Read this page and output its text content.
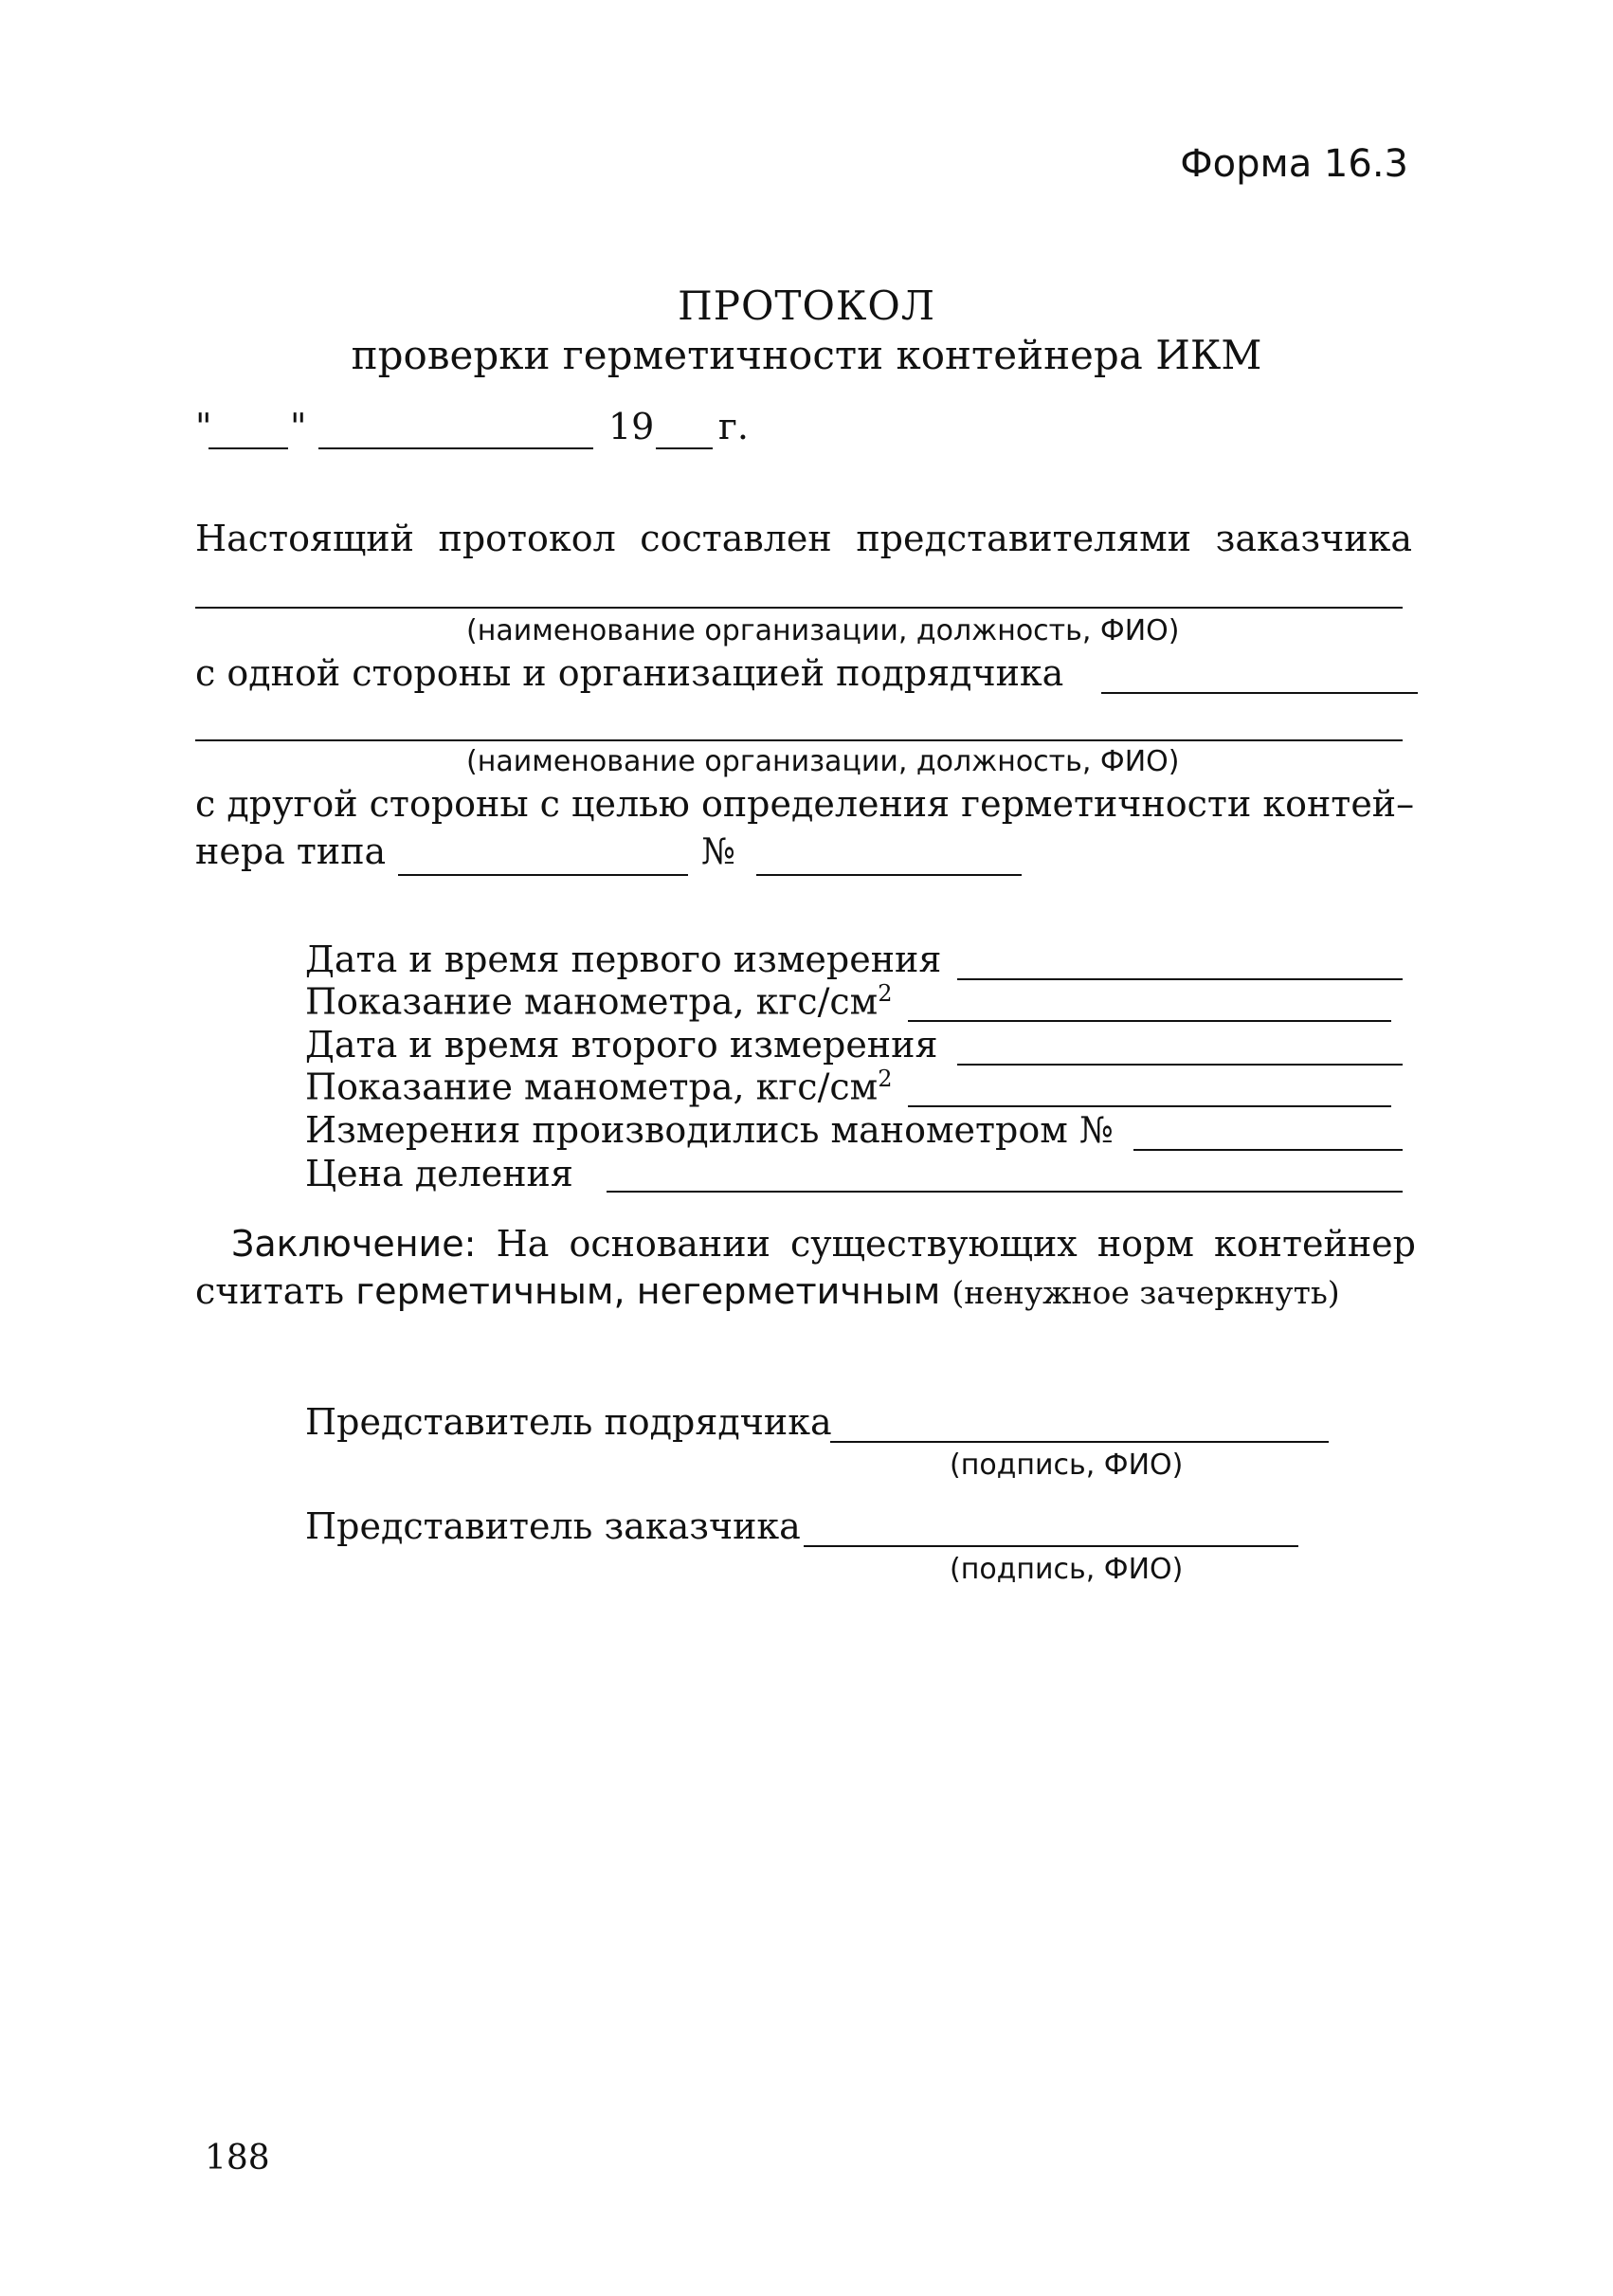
Форма 16.3
ПРОТОКОЛ
проверки герметичности контейнера ИКМ
" "	19 г.
Настоящий протокол составлен представителями заказчика
(наименование организации, должность, ФИО)
с одной стороны и организацией подрядчика
(наименование организации, должность, ФИО)
с другой стороны с целью определения герметичности контей–
нера типа	№
Дата и время первого измерения
Показание манометра, кгс/$см^2$
Дата и время второго измерения
Показание манометра, кгс/$см^2$
Измерения производились манометром №
Цена деления
Заключение: На основании существующих норм контейнер
считать герметичным, негерметичным (ненужное зачеркнуть)
Представитель подрядчика
(подпись, ФИО)
Представитель заказчика
(подпись, ФИО)
188
